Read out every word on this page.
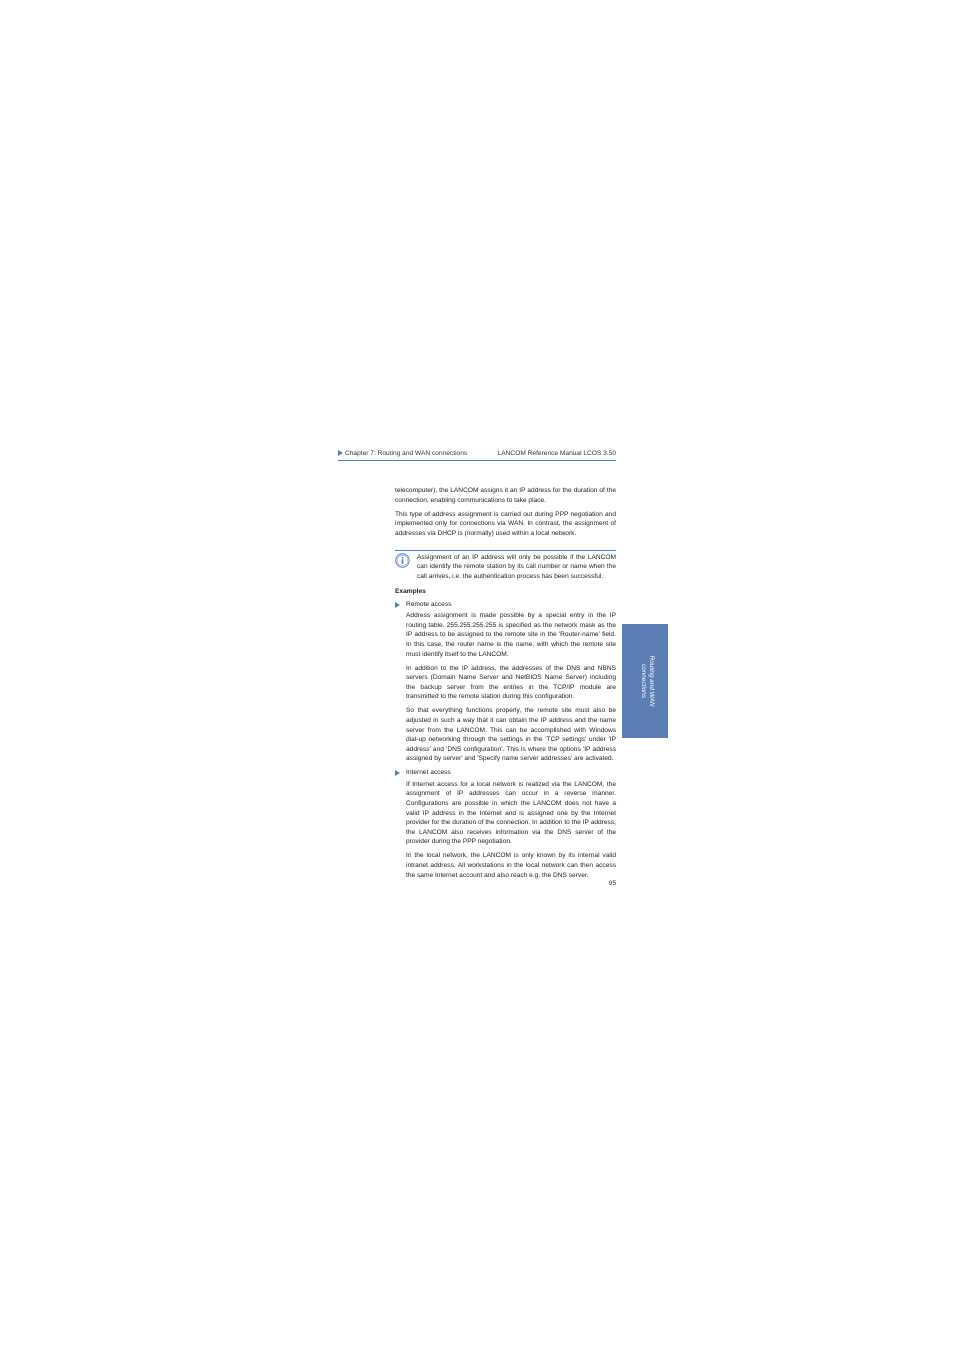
Chapter 7: Routing and WAN connections	LANCOM Reference Manual LCOS 3.50

telecomputer), the LANCOM assigns it an IP address for the duration of the connection, enabling communications to take place.

This type of address assignment is carried out during PPP negotiation and implemented only for connections via WAN. In contrast, the assignment of addresses via DHCP is (normally) used within a local network.

Assignment of an IP address will only be possible if the LANCOM can identify the remote station by its call number or name when the call arrives, i.e. the authentication process has been successful.

Examples
Remote access

Address assignment is made possible by a special entry in the IP routing table. 255.255.255.255 is specified as the network mask as the IP address to be assigned to the remote site in the 'Router-name' field. In this case, the router name is the name, with which the remote site must identify itself to the LANCOM.

In addition to the IP address, the addresses of the DNS and NBNS servers (Domain Name Server and NetBIOS Name Server) including the backup server from the entries in the TCP/IP module are transmitted to the remote station during this configuration.

So that everything functions properly, the remote site must also be adjusted in such a way that it can obtain the IP address and the name server from the LANCOM. This can be accomplished with Windows dial-up networking through the settings in the 'TCP settings' under 'IP address' and 'DNS configuration'. This is where the options 'IP address assigned by server' and 'Specify name server addresses' are activated.

Internet access

If Internet access for a local network is realized via the LANCOM, the assignment of IP addresses can occur in a reverse manner. Configurations are possible in which the LANCOM does not have a valid IP address in the Internet and is assigned one by the Internet provider for the duration of the connection. In addition to the IP address, the LANCOM also receives information via the DNS server of the provider during the PPP negotiation.

In the local network, the LANCOM is only known by its internal valid intranet address. All workstations in the local network can then access the same Internet account and also reach e.g. the DNS server.

95
Routing and WAN
connections
